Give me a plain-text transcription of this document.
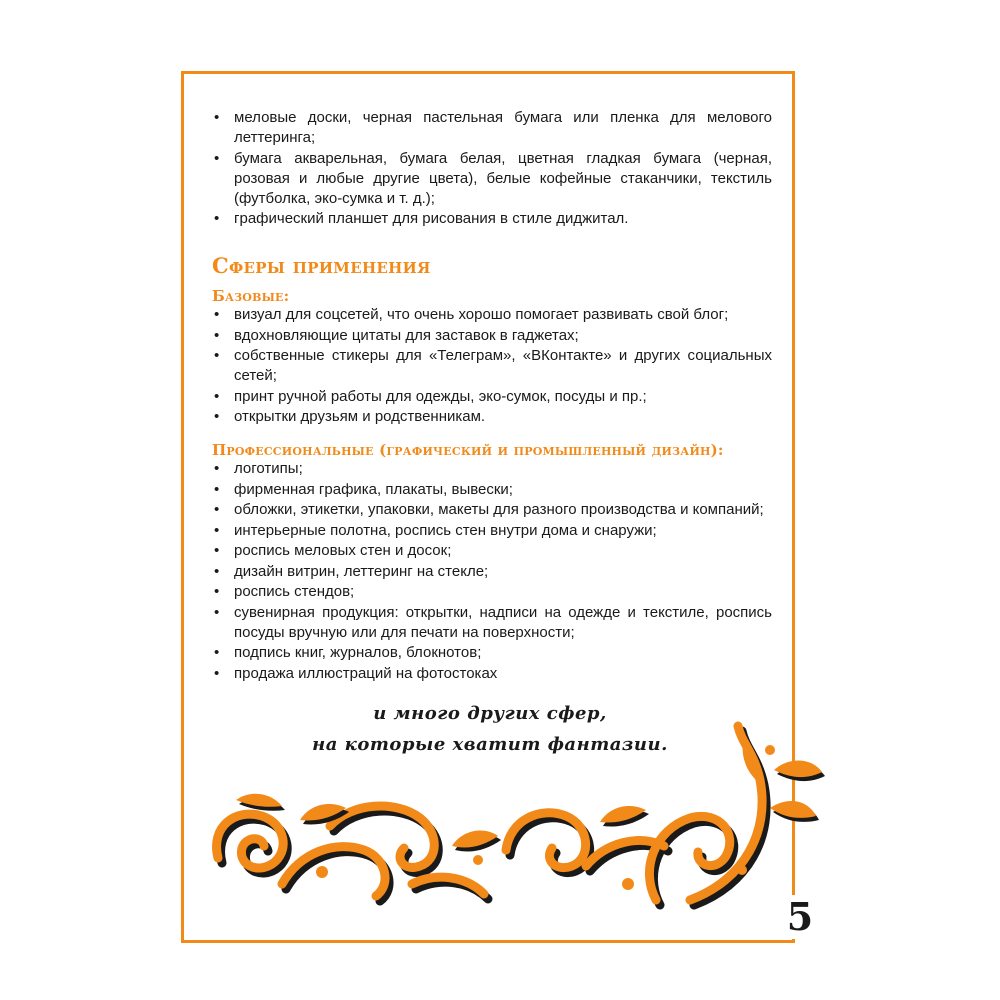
• меловые доски, черная пастельная бумага или пленка для мелового леттеринга;
• бумага акварельная, бумага белая, цветная гладкая бумага (черная, розовая и любые другие цвета), белые кофейные стаканчики, текстиль (футболка, эко-сумка и т. д.);
• графический планшет для рисования в стиле диджитал.
Сферы применения
Базовые:
• визуал для соцсетей, что очень хорошо помогает развивать свой блог;
• вдохновляющие цитаты для заставок в гаджетах;
• собственные стикеры для «Телеграм», «ВКонтакте» и других социальных сетей;
• принт ручной работы для одежды, эко-сумок, посуды и пр.;
• открытки друзьям и родственникам.
Профессиональные (графический и промышленный дизайн):
• логотипы;
• фирменная графика, плакаты, вывески;
• обложки, этикетки, упаковки, макеты для разного производства и компаний;
• интерьерные полотна, роспись стен внутри дома и снаружи;
• роспись меловых стен и досок;
• дизайн витрин, леттеринг на стекле;
• роспись стендов;
• сувенирная продукция: открытки, надписи на одежде и текстиле, роспись посуды вручную или для печати на поверхности;
• подпись книг, журналов, блокнотов;
• продажа иллюстраций на фотостоках
и много других сфер,
на которые хватит фантазии.
5
